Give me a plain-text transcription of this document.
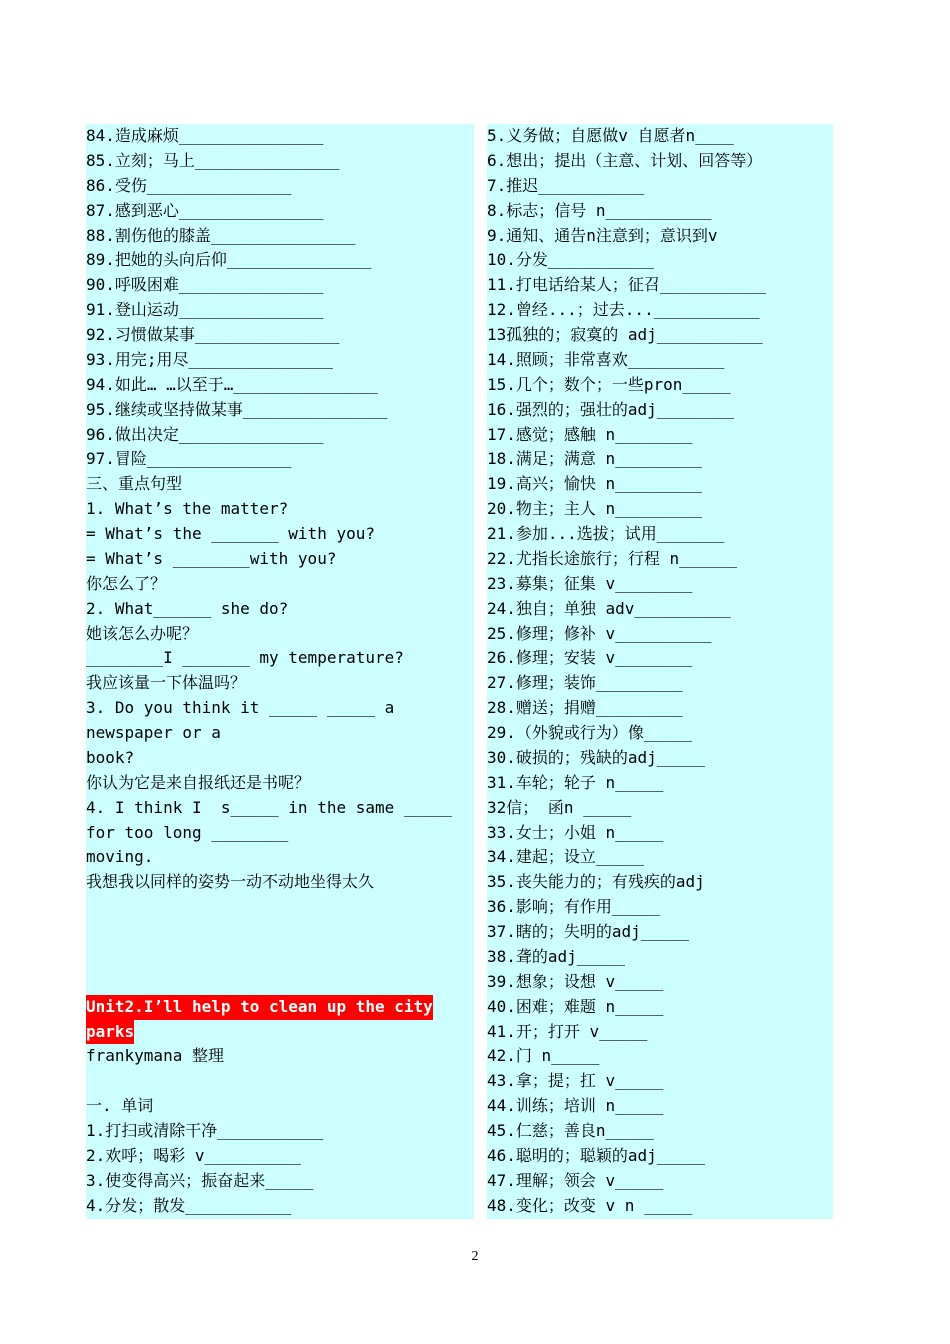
84.造成麻烦_______________
85.立刻；马上_______________
86.受伤_______________
87.感到恶心_______________
88.割伤他的膝盖_______________
89.把她的头向后仰_______________
90.呼吸困难_______________
91.登山运动_______________
92.习惯做某事_______________
93.用完;用尽_______________
94.如此… …以至于…_______________
95.继续或坚持做某事_______________
96.做出决定_______________
97.冒险_______________
三、重点句型
1. What’s the matter?
= What’s the _______ with you?
= What’s ________with you?
你怎么了？
2. What______ she do?
她该怎么办呢？
________I _______ my temperature?
我应该量一下体温吗？
3. Do you think it _____ _____ a
newspaper or a
book?
你认为它是来自报纸还是书呢？
4. I think I  s_____ in the same _____
for too long ________
moving.
我想我以同样的姿势一动不动地坐得太久
Unit2.I’ll help to clean up the city
parks
frankymana 整理
一. 单词
1.打扫或清除干净___________
2.欢呼；喝彩 v__________
3.使变得高兴；振奋起来_____
4.分发；散发___________
5.义务做；自愿做v 自愿者n____
6.想出；提出（主意、计划、回答等）
7.推迟___________
8.标志；信号 n___________
9.通知、通告n注意到；意识到v
10.分发___________
11.打电话给某人；征召___________
12.曾经...；过去...___________
13孤独的；寂寞的 adj___________
14.照顾；非常喜欢__________
15.几个；数个；一些pron_____
16.强烈的；强壮的adj________
17.感觉；感触 n________
18.满足；满意 n_________
19.高兴；愉快 n_________
20.物主；主人 n_________
21.参加...选拔；试用_______
22.尤指长途旅行；行程 n______
23.募集；征集 v________
24.独自；单独 adv__________
25.修理；修补 v__________
26.修理；安装 v________
27.修理；装饰_________
28.赠送；捐赠_________
29.（外貌或行为）像_____
30.破损的；残缺的adj_____
31.车轮；轮子 n_____
32信； 函n _____
33.女士；小姐 n_____
34.建起；设立_____
35.丧失能力的；有残疾的adj
36.影响；有作用_____
37.瞎的；失明的adj_____
38.聋的adj_____
39.想象；设想 v_____
40.困难；难题 n_____
41.开；打开 v_____
42.门 n_____
43.拿；提；扛 v_____
44.训练；培训 n_____
45.仁慈；善良n_____
46.聪明的；聪颖的adj_____
47.理解；领会 v_____
48.变化；改变 v n _____
2
